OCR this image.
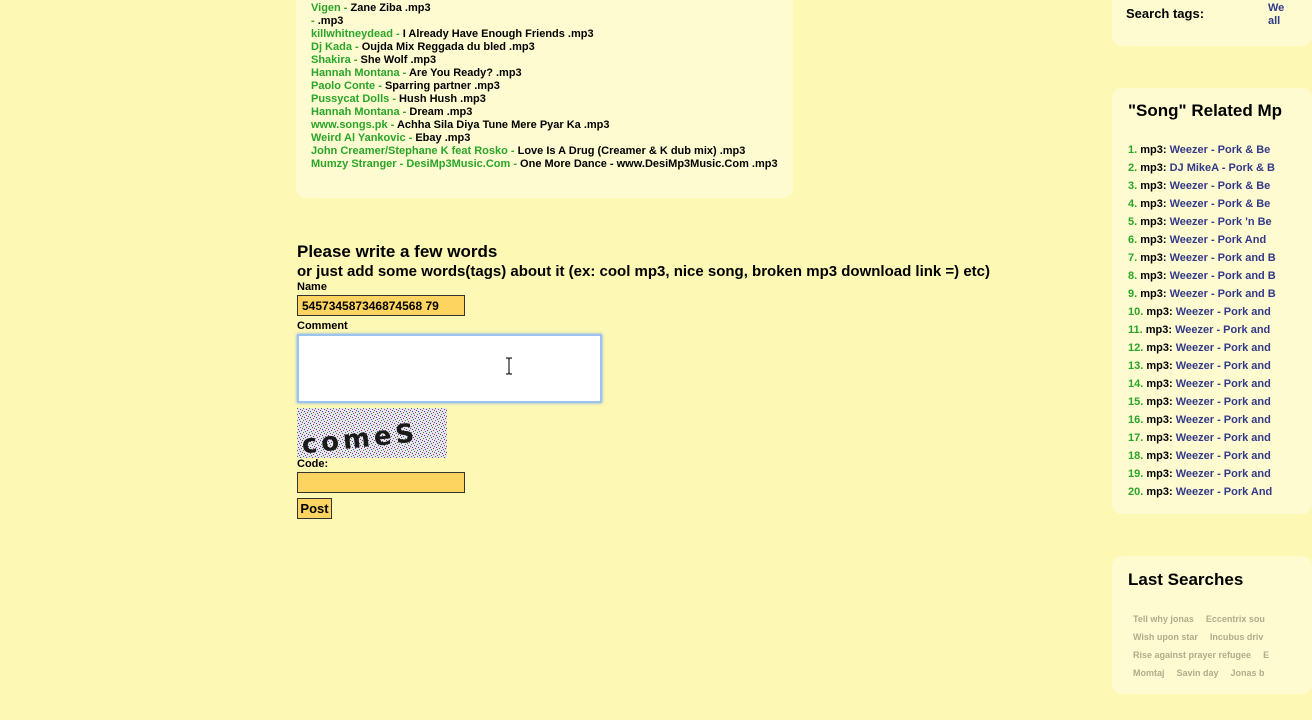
Vigen - Zane Ziba .mp3
- .mp3
killwhitneydead - I Already Have Enough Friends .mp3
Dj Kada - Oujda Mix Reggada du bled .mp3
Shakira - She Wolf .mp3
Hannah Montana - Are You Ready? .mp3
Paolo Conte - Sparring partner .mp3
Pussycat Dolls - Hush Hush .mp3
Hannah Montana - Dream .mp3
www.songs.pk - Achha Sila Diya Tune Mere Pyar Ka .mp3
Weird Al Yankovic - Ebay .mp3
John Creamer/Stephane K feat Rosko - Love Is A Drug (Creamer & K dub mix) .mp3
Mumzy Stranger - DesiMp3Music.Com - One More Dance - www.DesiMp3Music.Com .mp3
Please write a few words
or just add some words(tags) about it (ex: cool mp3, nice song, broken mp3 download link =) etc)
Name
545734587346874568 79
Comment
comeS
Code:
Post
Search tags:	We
all
"Song" Related Mp
1. mp3: Weezer - Pork & Be
2. mp3: DJ MikeA - Pork & B
3. mp3: Weezer - Pork & Be
4. mp3: Weezer - Pork & Be
5. mp3: Weezer - Pork 'n Be
6. mp3: Weezer - Pork And
7. mp3: Weezer - Pork and B
8. mp3: Weezer - Pork and B
9. mp3: Weezer - Pork and B
10. mp3: Weezer - Pork and
11. mp3: Weezer - Pork and
12. mp3: Weezer - Pork and
13. mp3: Weezer - Pork and
14. mp3: Weezer - Pork and
15. mp3: Weezer - Pork and
16. mp3: Weezer - Pork and
17. mp3: Weezer - Pork and
18. mp3: Weezer - Pork and
19. mp3: Weezer - Pork and
20. mp3: Weezer - Pork And
Last Searches
Tell why jonas Eccentrix sou
Wish upon star Incubus driv
Rise against prayer refugee E
Momtaj Savin day Jonas b
